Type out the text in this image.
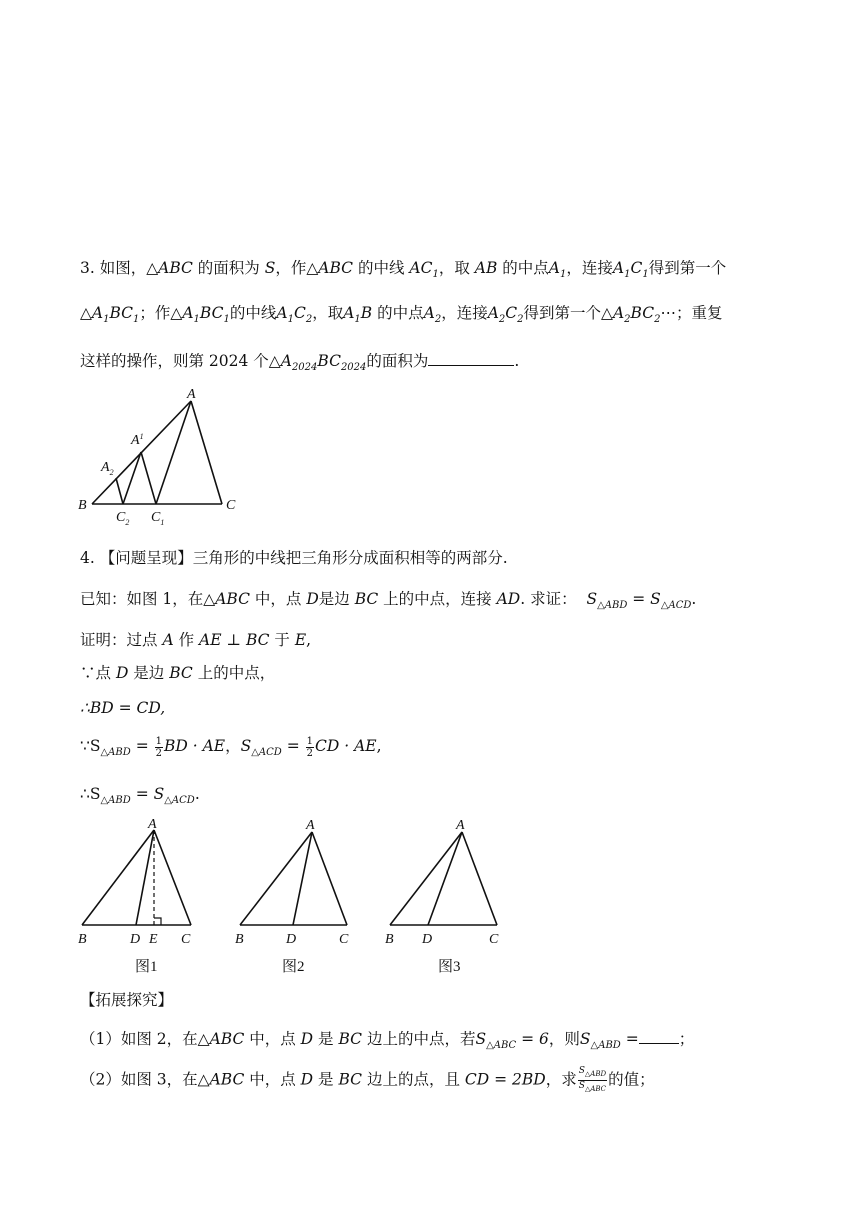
3. 如图，△ABC 的面积为 S，作△ABC 的中线 $AC_1$，取 AB 的中点$A_1$，连接$A_1C_1$得到第一个
$\triangle A_1BC_1$；作$\triangle A_1BC_1$的中线$A_1C_2$，取$A_1B$ 的中点$A_2$，连接$A_2C_2$得到第一个$\triangle A_2BC_2\cdots$；重复
这样的操作，则第 2024 个$\triangle A_{2024}BC_{2024}$的面积为	.
A
$A^1$
$A_2$
B	C
$C_1$
$C_2$
4. 【问题呈现】三角形的中线把三角形分成面积相等的两部分.
已知：如图 1，在△ABC 中，点 D是边 BC 上的中点，连接 AD. 求证： $S_{\triangle ABD} = S_{\triangle ACD}$.
证明：过点 A 作 AE ⊥ BC 于 E,
∵点 D 是边 BC 上的中点，
∴BD = CD,
$\because S_{\triangle ABD} = \frac{1}{2}$ BD · AE，$S_{\triangle ACD} = \frac{1}{2}$ CD · AE,
$\therefore S_{\triangle ABD} = S_{\triangle ACD}$.
A
B	D E C
图1
A
B	D	C
图2
A
B D	C
图3
【拓展探究】
（1）如图 2，在△ABC 中，点 D 是 BC 边上的中点，若$S_{\triangle ABC} = 6$，则$S_{\triangle ABD}$ =	；
（2）如图 3，在△ABC 中，点 D 是 BC 边上的点，且 CD = 2BD，求 $\frac{S_{\triangle ABD}}{S_{\triangle ABC}}$ 的值；
